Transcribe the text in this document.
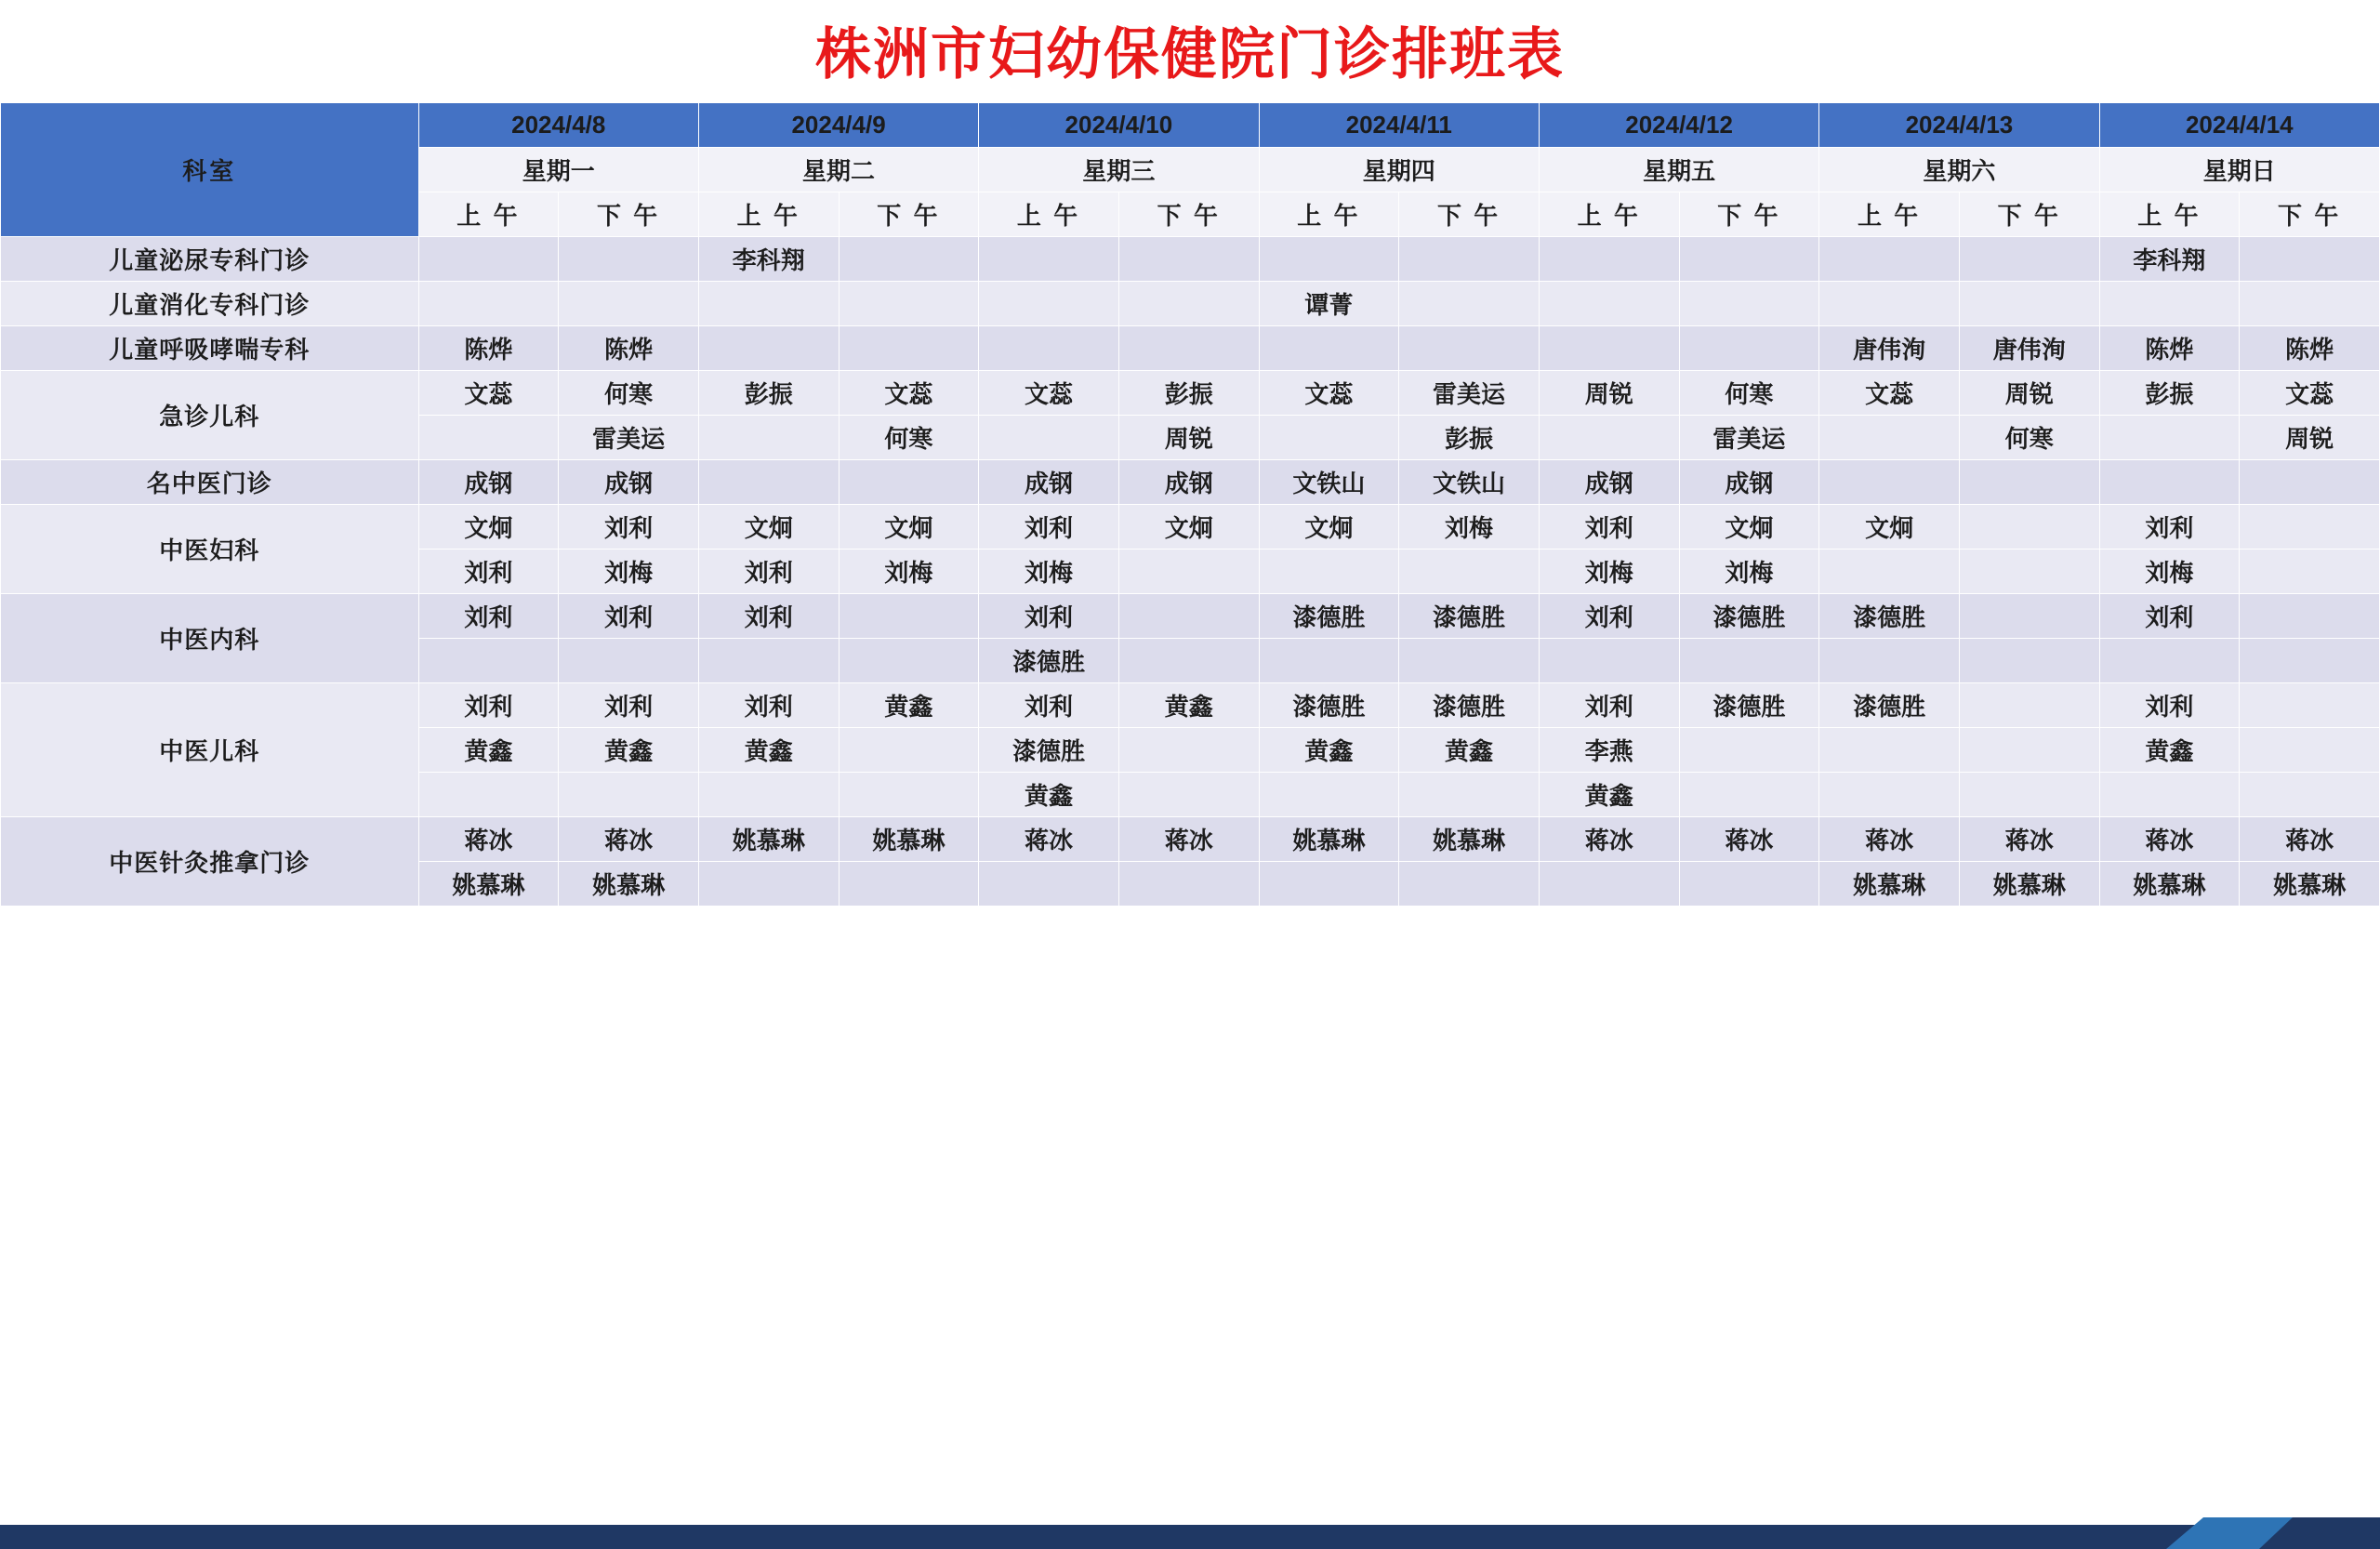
株洲市妇幼保健院门诊排班表
科室	2024/4/8		2024/4/9		2024/4/10		2024/4/11		2024/4/12		2024/4/13		2024/4/14	
	星期一		星期二		星期三		星期四		星期五		星期六		星期日	
	上 午	下 午	上 午	下 午	上 午	下 午	上 午	下 午	上 午	下 午	上 午	下 午	上 午	下 午
儿童泌尿专科门诊			李科翔										李科翔	
儿童消化专科门诊							谭菁							
儿童呼吸哮喘专科	陈烨	陈烨									唐伟洵	唐伟洵	陈烨	陈烨
急诊儿科	文蕊	何寒	彭振	文蕊	文蕊	彭振	文蕊	雷美运	周锐	何寒	文蕊	周锐	彭振	文蕊
		雷美运		何寒		周锐		彭振		雷美运		何寒		周锐
名中医门诊	成钢	成钢			成钢	成钢	文铁山	文铁山	成钢	成钢				
中医妇科	文炯	刘利	文炯	文炯	刘利	文炯	文炯	刘梅	刘利	文炯	文炯		刘利	
	刘利	刘梅	刘利	刘梅	刘梅				刘梅	刘梅			刘梅	
中医内科	刘利	刘利	刘利		刘利		漆德胜	漆德胜	刘利	漆德胜	漆德胜		刘利	
					漆德胜									
中医儿科	刘利	刘利	刘利	黄鑫	刘利	黄鑫	漆德胜	漆德胜	刘利	漆德胜	漆德胜		刘利	
	黄鑫	黄鑫	黄鑫		漆德胜		黄鑫	黄鑫	李燕				黄鑫	
					黄鑫				黄鑫					
中医针灸推拿门诊	蒋冰	蒋冰	姚慕琳	姚慕琳	蒋冰	蒋冰	姚慕琳	姚慕琳	蒋冰	蒋冰	蒋冰	蒋冰	蒋冰	蒋冰
	姚慕琳	姚慕琳									姚慕琳	姚慕琳	姚慕琳	姚慕琳
